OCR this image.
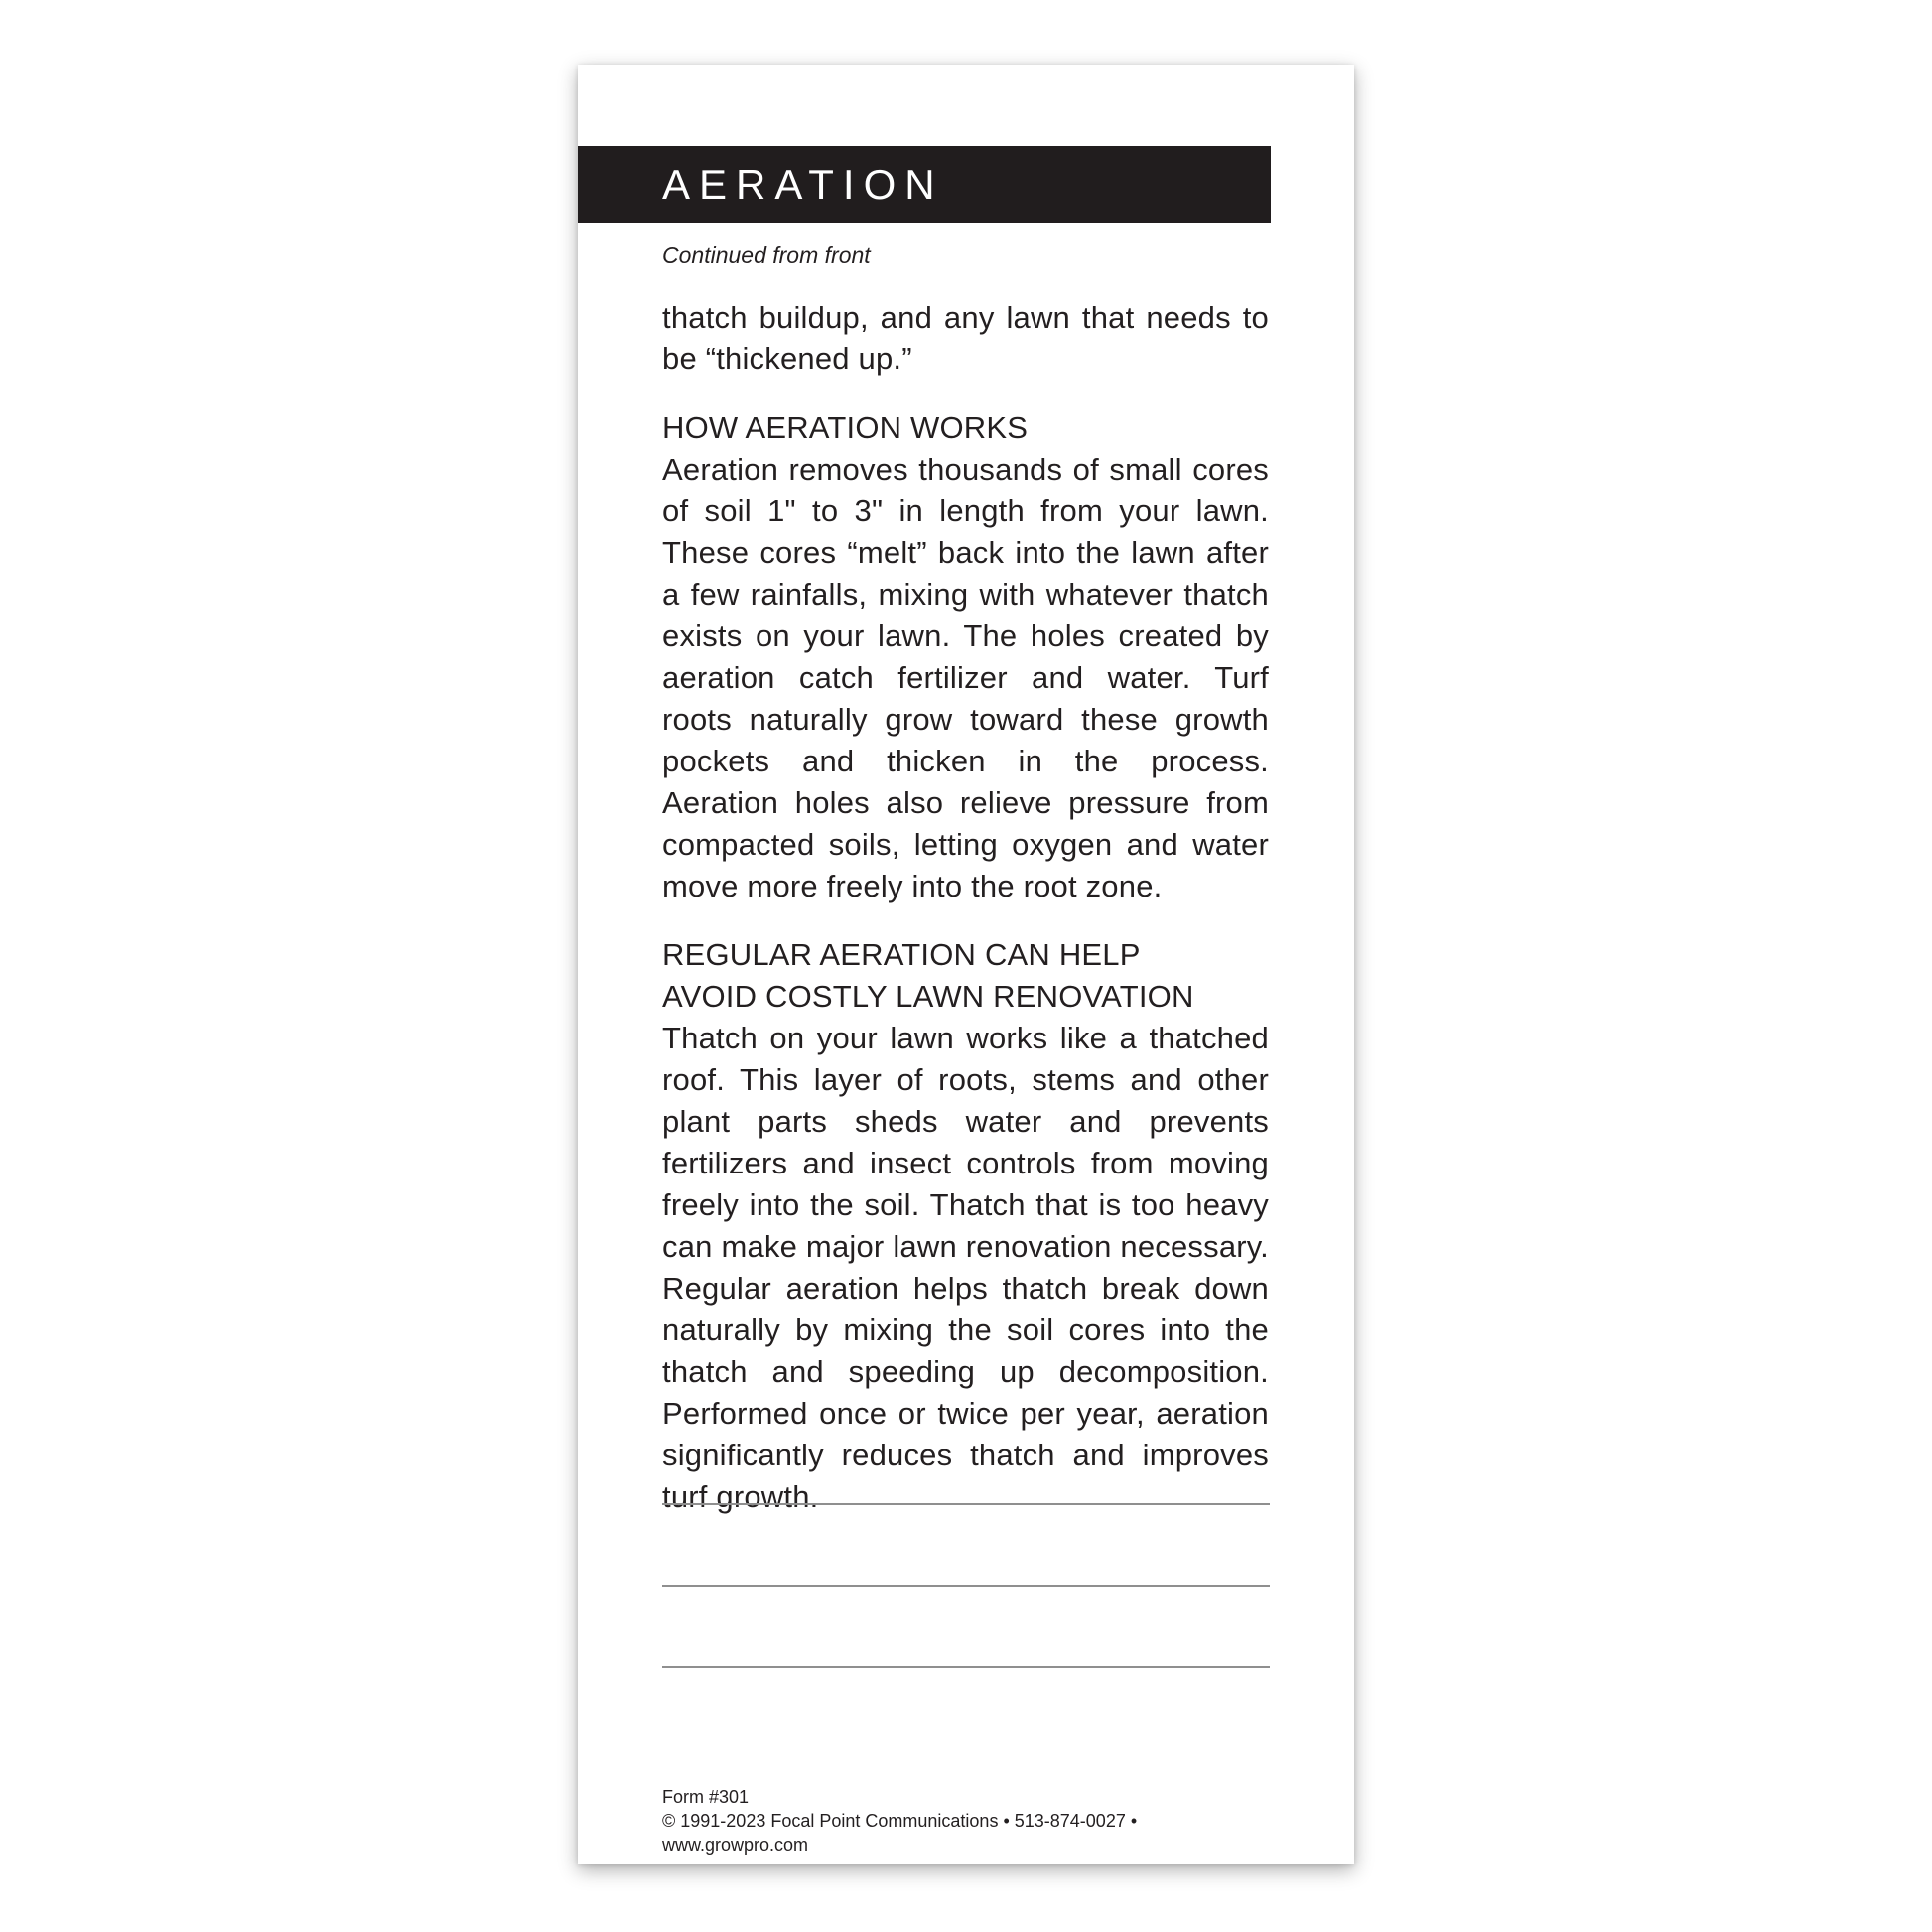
AERATION

Continued from front

thatch buildup, and any lawn that needs to be “thickened up.”

HOW AERATION WORKS

Aeration removes thousands of small cores of soil 1" to 3" in length from your lawn. These cores “melt” back into the lawn after a few rainfalls, mixing with whatever thatch exists on your lawn. The holes created by aeration catch fertilizer and water. Turf roots naturally grow toward these growth pockets and thicken in the process. Aeration holes also relieve pressure from compacted soils, letting oxygen and water move more freely into the root zone.

REGULAR AERATION CAN HELP
AVOID COSTLY LAWN RENOVATION

Thatch on your lawn works like a thatched roof. This layer of roots, stems and other plant parts sheds water and prevents fertilizers and insect controls from moving freely into the soil. Thatch that is too heavy can make major lawn renovation necessary. Regular aeration helps thatch break down naturally by mixing the soil cores into the thatch and speeding up decomposition. Performed once or twice per year, aeration significantly reduces thatch and improves turf growth.

Form #301
© 1991-2023 Focal Point Communications • 513-874-0027 • www.growpro.com
